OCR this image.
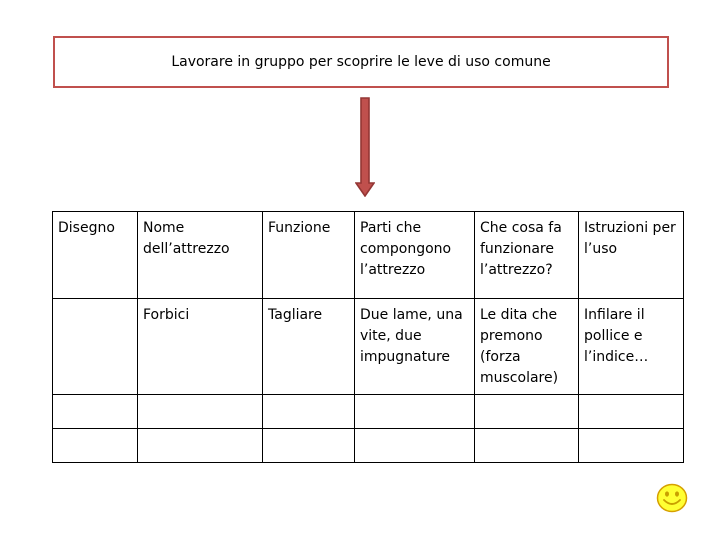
Lavorare in gruppo per scoprire le leve di uso comune
Disegno	Nome dell’attrezzo	Funzione	Parti che compongono l’attrezzo	Che cosa fa funzionare l’attrezzo?	Istruzioni per l’uso
	Forbici	Tagliare	Due lame, una vite, due impugnature	Le dita che premono (forza muscolare)	Infilare il pollice e l’indice…
